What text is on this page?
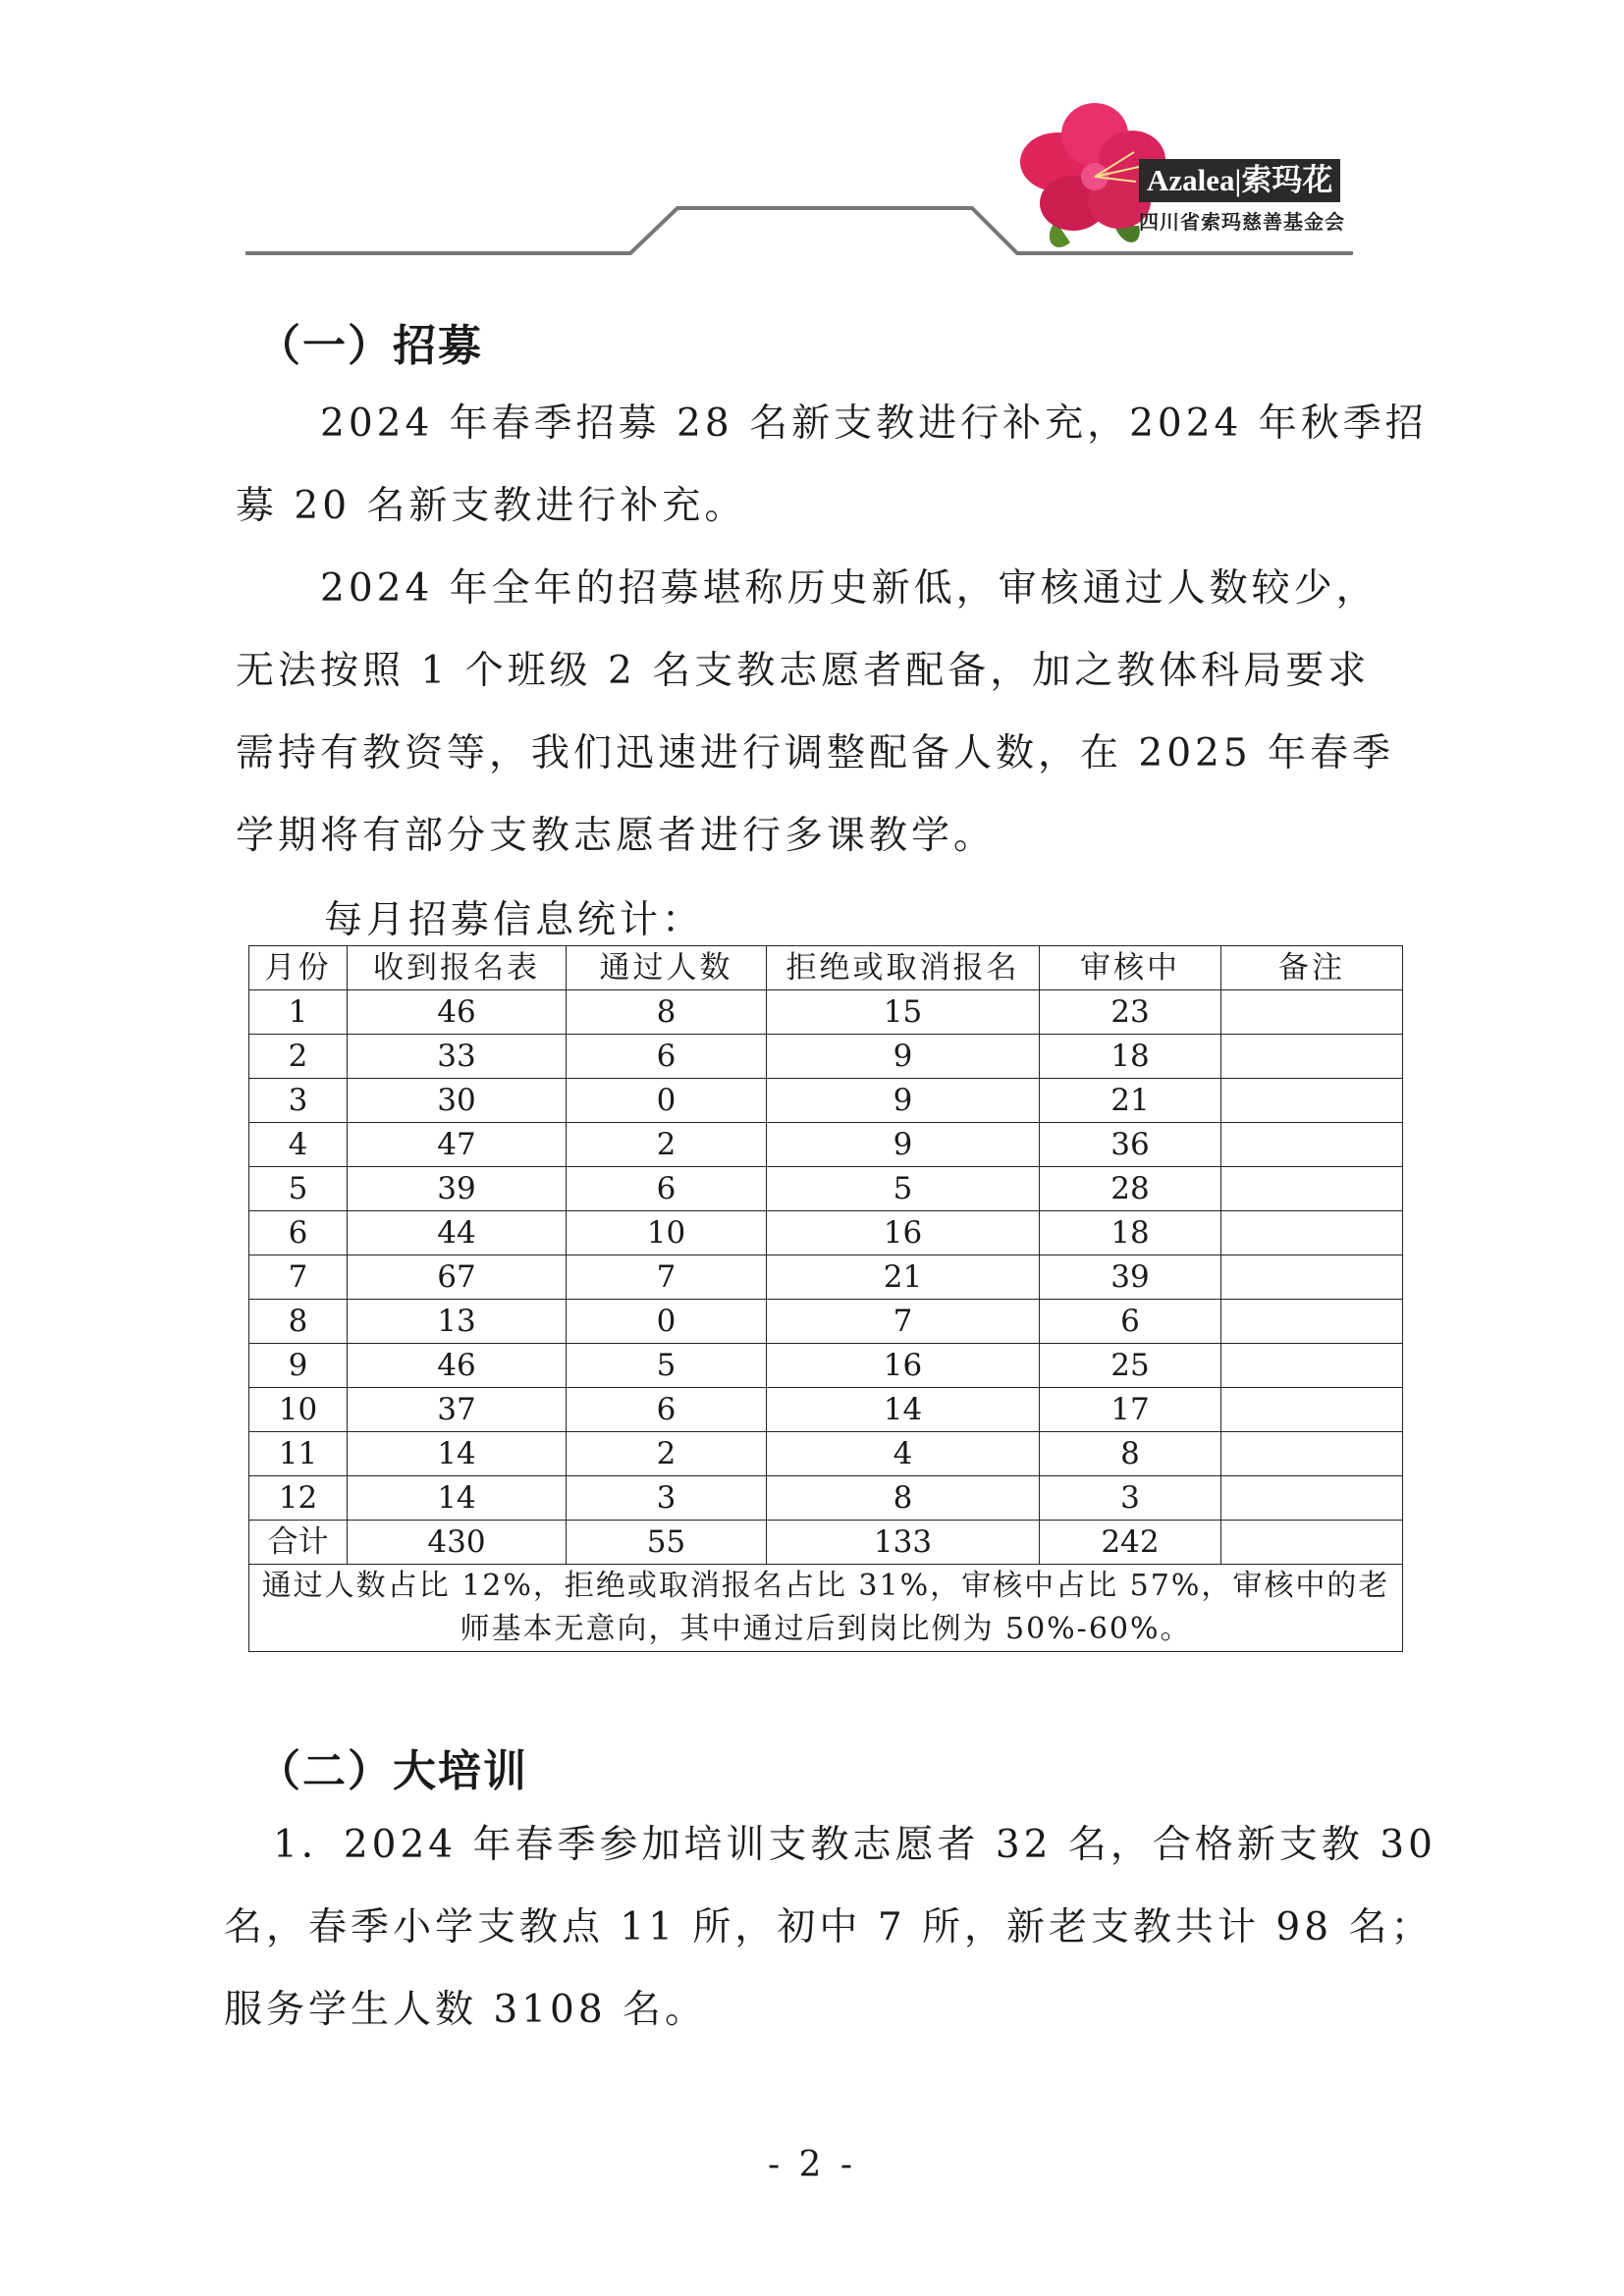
Azalea|索玛花
四川省索玛慈善基金会
（一）招募
2024 年春季招募 28 名新支教进行补充，2024 年秋季招
募 20 名新支教进行补充。
2024 年全年的招募堪称历史新低，审核通过人数较少，
无法按照 1 个班级 2 名支教志愿者配备，加之教体科局要求
需持有教资等，我们迅速进行调整配备人数，在 2025 年春季
学期将有部分支教志愿者进行多课教学。
每月招募信息统计：
月份	收到报名表	通过人数	拒绝或取消报名	审核中	备注
1	46	8	15	23	
2	33	6	9	18	
3	30	0	9	21	
4	47	2	9	36	
5	39	6	5	28	
6	44	10	16	18	
7	67	7	21	39	
8	13	0	7	6	
9	46	5	16	25	
10	37	6	14	17	
11	14	2	4	8	
12	14	3	8	3	
合计	430	55	133	242	

通过人数占比 12%，拒绝或取消报名占比 31%，审核中占比 57%，审核中的老
师基本无意向，其中通过后到岗比例为 50%-60%。					
（二）大培训
1．2024 年春季参加培训支教志愿者 32 名，合格新支教 30
名，春季小学支教点 11 所，初中 7 所，新老支教共计 98 名；
服务学生人数 3108 名。
- 2 -
